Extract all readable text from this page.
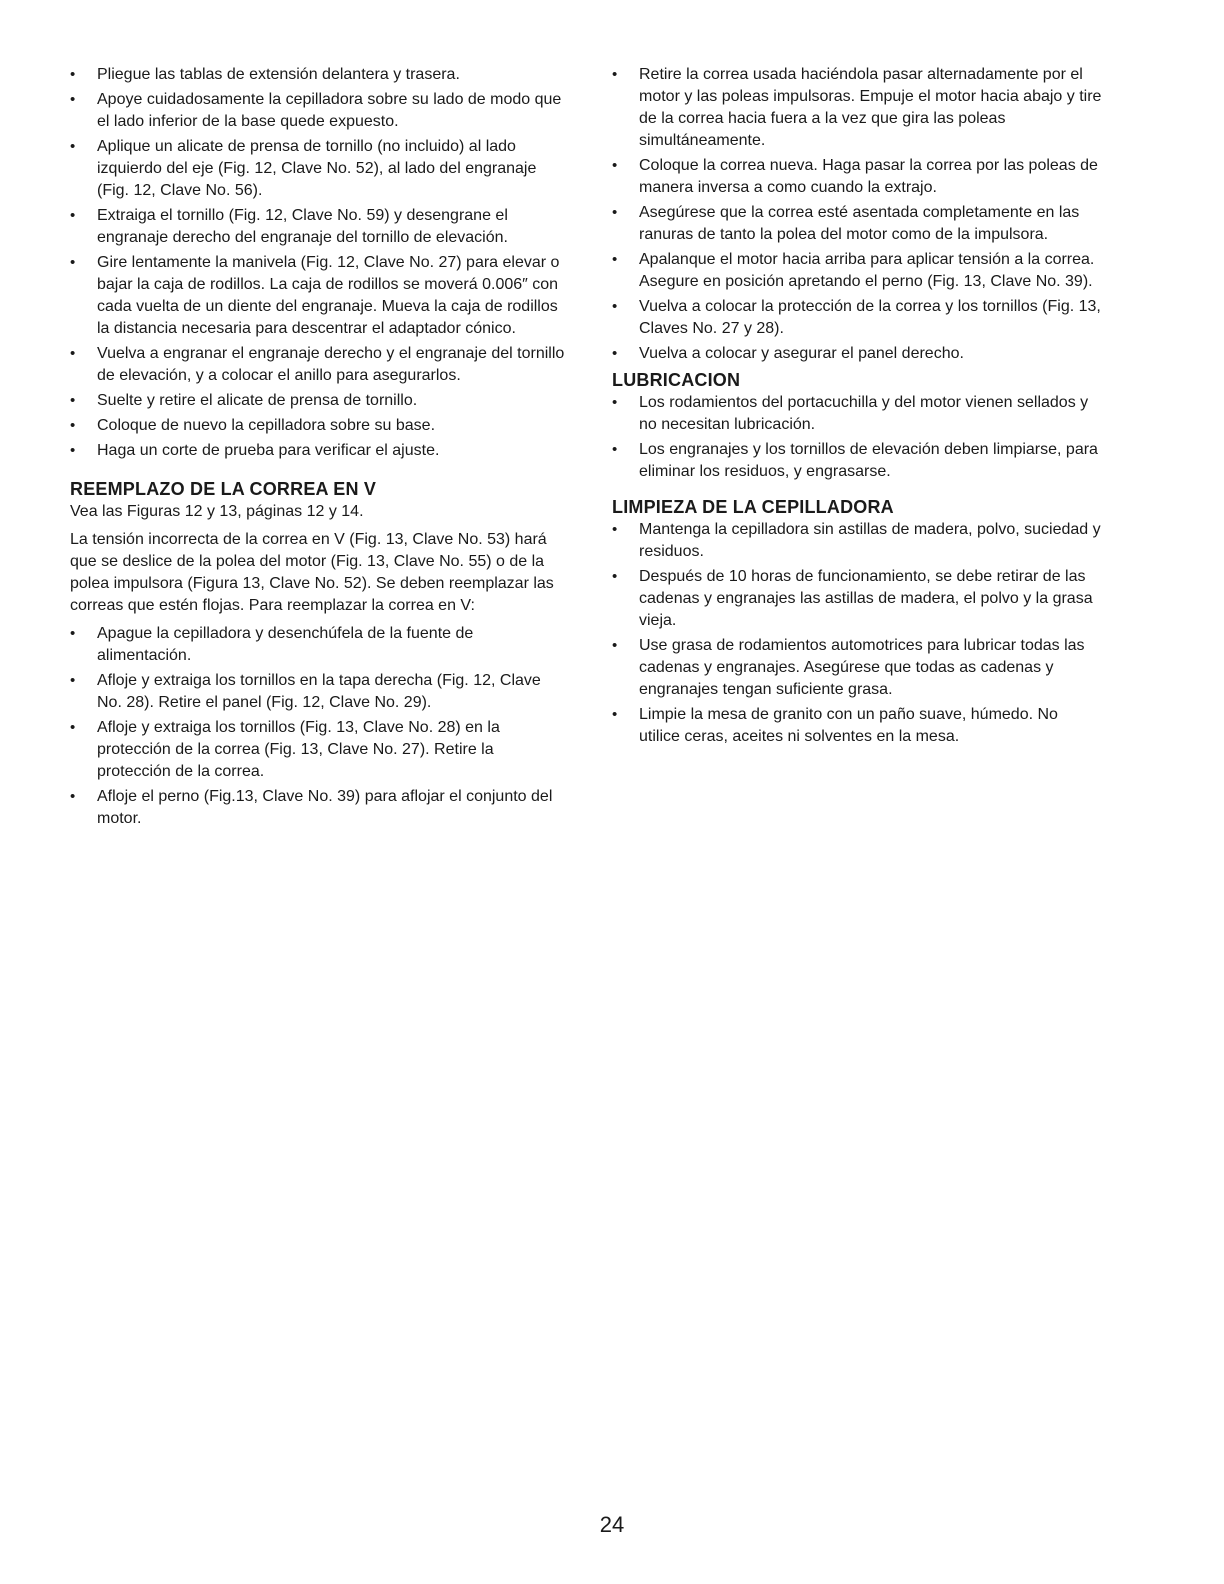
• Pliegue las tablas de extensión delantera y trasera.
• Apoye cuidadosamente la cepilladora sobre su lado de modo que el lado inferior de la base quede expuesto.
• Aplique un alicate de prensa de tornillo (no incluido) al lado izquierdo del eje (Fig. 12, Clave No. 52), al lado del engranaje (Fig. 12, Clave No. 56).
• Extraiga el tornillo (Fig. 12, Clave No. 59) y desengrane el engranaje derecho del engranaje del tornillo de elevación.
• Gire lentamente la manivela (Fig. 12, Clave No. 27) para elevar o bajar la caja de rodillos. La caja de rodillos se moverá 0.006″ con cada vuelta de un diente del engranaje. Mueva la caja de rodillos la distancia necesaria para descentrar el adaptador cónico.
• Vuelva a engranar el engranaje derecho y el engranaje del tornillo de elevación, y a colocar el anillo para asegurarlos.
• Suelte y retire el alicate de prensa de tornillo.
• Coloque de nuevo la cepilladora sobre su base.
• Haga un corte de prueba para verificar el ajuste.
REEMPLAZO DE LA CORREA EN V

Vea las Figuras 12 y 13, páginas 12 y 14.

La tensión incorrecta de la correa en V (Fig. 13, Clave No. 53) hará que se deslice de la polea del motor (Fig. 13, Clave No. 55) o de la polea impulsora (Figura 13, Clave No. 52). Se deben reemplazar las correas que estén flojas. Para reemplazar la correa en V:

• Apague la cepilladora y desenchúfela de la fuente de alimentación.
• Afloje y extraiga los tornillos en la tapa derecha (Fig. 12, Clave No. 28). Retire el panel (Fig. 12, Clave No. 29).
• Afloje y extraiga los tornillos (Fig. 13, Clave No. 28) en la protección de la correa (Fig. 13, Clave No. 27). Retire la protección de la correa.
• Afloje el perno (Fig.13, Clave No. 39) para aflojar el conjunto del motor.
• Retire la correa usada haciéndola pasar alternadamente por el motor y las poleas impulsoras. Empuje el motor hacia abajo y tire de la correa hacia fuera a la vez que gira las poleas simultáneamente.
• Coloque la correa nueva. Haga pasar la correa por las poleas de manera inversa a como cuando la extrajo.
• Asegúrese que la correa esté asentada completamente en las ranuras de tanto la polea del motor como de la impulsora.
• Apalanque el motor hacia arriba para aplicar tensión a la correa. Asegure en posición apretando el perno (Fig. 13, Clave No. 39).
• Vuelva a colocar la protección de la correa y los tornillos (Fig. 13, Claves No. 27 y 28).
• Vuelva a colocar y asegurar el panel derecho.
LUBRICACION
• Los rodamientos del portacuchilla y del motor vienen sellados y no necesitan lubricación.
• Los engranajes y los tornillos de elevación deben limpiarse, para eliminar los residuos, y engrasarse.
LIMPIEZA DE LA CEPILLADORA
• Mantenga la cepilladora sin astillas de madera, polvo, suciedad y residuos.
• Después de 10 horas de funcionamiento, se debe retirar de las cadenas y engranajes las astillas de madera, el polvo y la grasa vieja.
• Use grasa de rodamientos automotrices para lubricar todas las cadenas y engranajes. Asegúrese que todas as cadenas y engranajes tengan suficiente grasa.
• Limpie la mesa de granito con un paño suave, húmedo. No utilice ceras, aceites ni solventes en la mesa.
24
